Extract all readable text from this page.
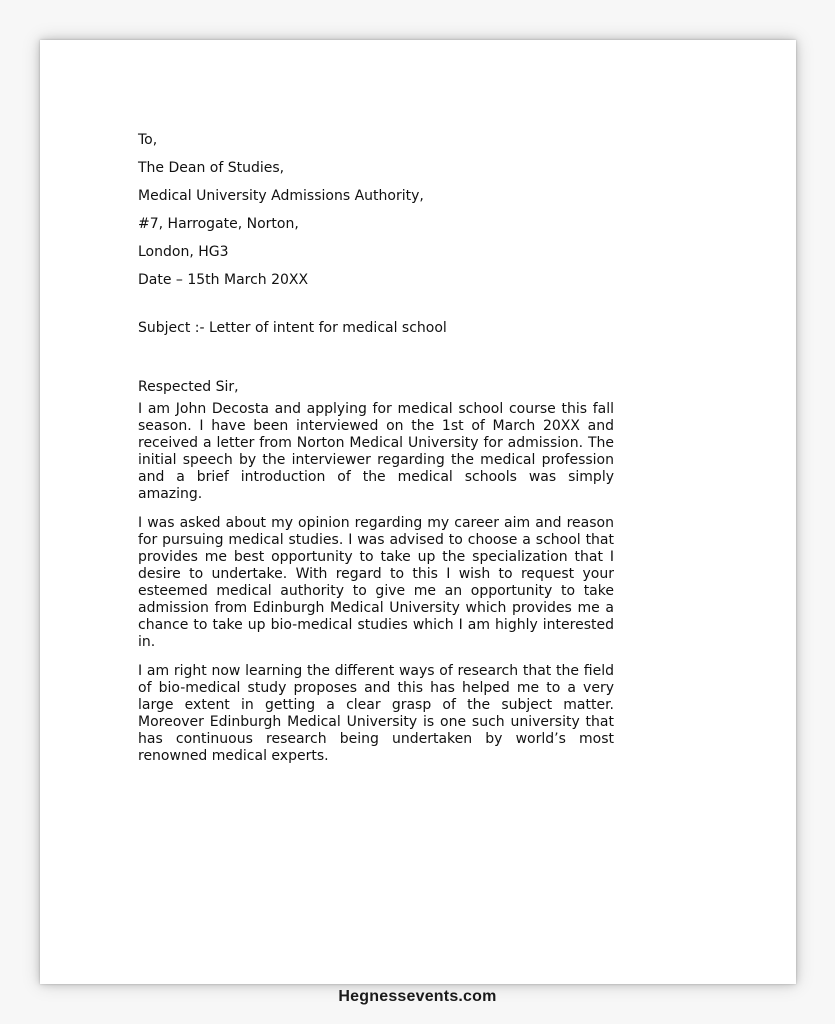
To,
The Dean of Studies,
Medical University Admissions Authority,
#7, Harrogate, Norton,
London, HG3
Date – 15th March 20XX
Subject :- Letter of intent for medical school
Respected Sir,

I am John Decosta and applying for medical school course this fall season. I have been interviewed on the 1st of March 20XX and received a letter from Norton Medical University for admission. The initial speech by the interviewer regarding the medical profession and a brief introduction of the medical schools was simply amazing.

I was asked about my opinion regarding my career aim and reason for pursuing medical studies. I was advised to choose a school that provides me best opportunity to take up the specialization that I desire to undertake. With regard to this I wish to request your esteemed medical authority to give me an opportunity to take admission from Edinburgh Medical University which provides me a chance to take up bio-medical studies which I am highly interested in.

I am right now learning the different ways of research that the field of bio-medical study proposes and this has helped me to a very large extent in getting a clear grasp of the subject matter. Moreover Edinburgh Medical University is one such university that has continuous research being undertaken by world’s most renowned medical experts.

Hegnessevents.com
